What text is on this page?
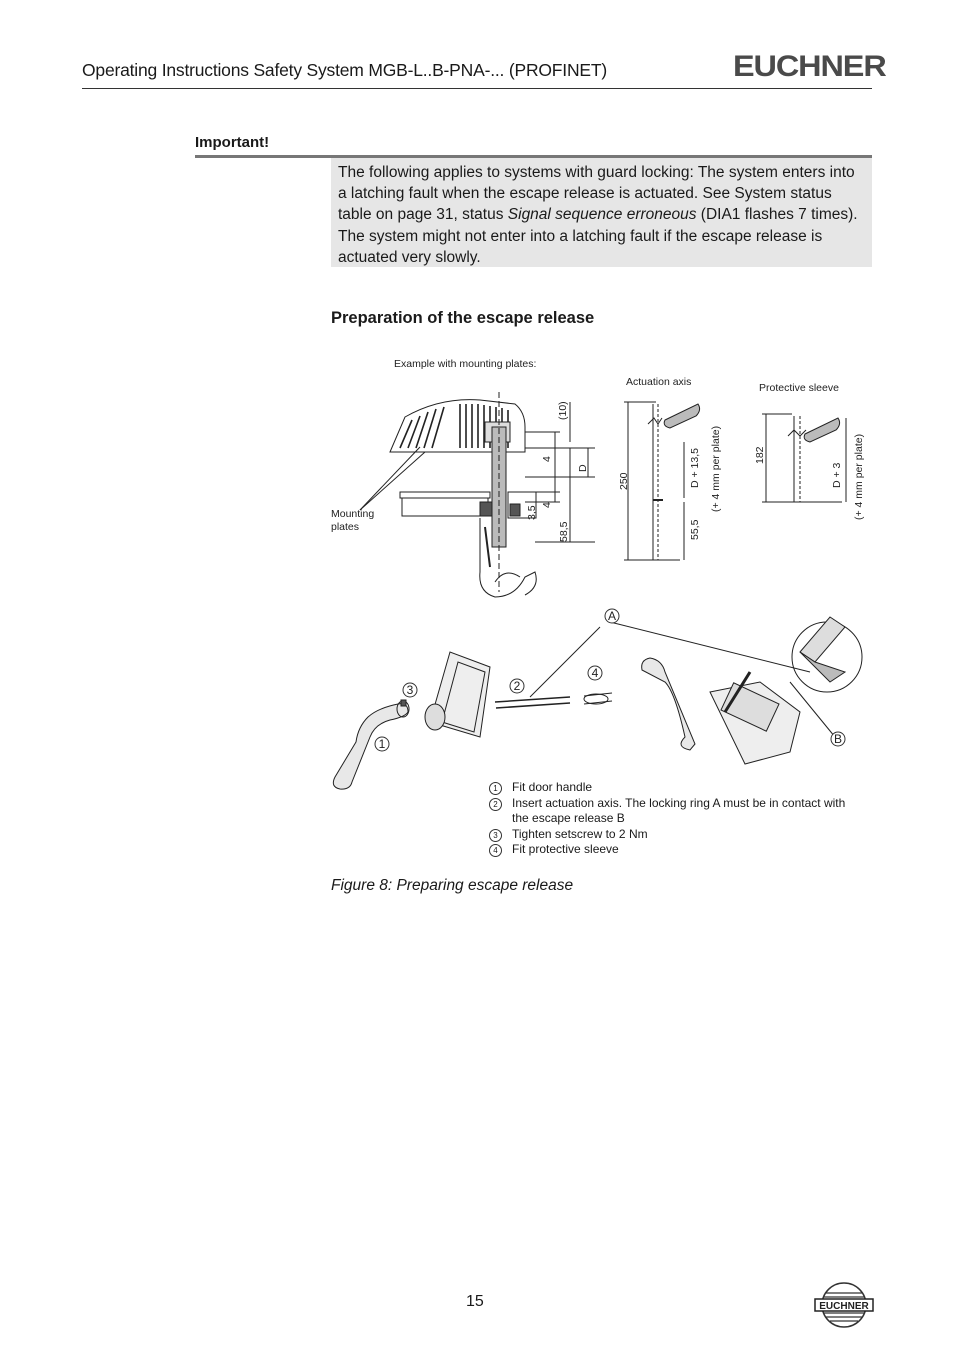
Operating Instructions Safety System MGB-L..B-PNA-... (PROFINET)	EUCHNER
Important!

The following applies to systems with guard locking: The system enters into a latching fault when the escape release is actuated. See System status table on page 31, status Signal sequence erroneous (DIA1 flashes 7 times).

The system might not enter into a latching fault if the escape release is actuated very slowly.

Preparation of the escape release
Example with mounting plates:
Actuation axis	Protective sleeve
Mounting
plates
(10)
4
D
3,5
4
58,5
250	D + 13,5 (+ 4 mm per plate)
55,5
182
D + 3 (+ 4 mm per plate)
A
B
1
2
3
4
1	Fit door handle
2	Insert actuation axis. The locking ring A must be in contact with the escape release B
3	Tighten setscrew to 2 Nm
4	Fit protective sleeve
Figure 8: Preparing escape release
15	EUCHNER
